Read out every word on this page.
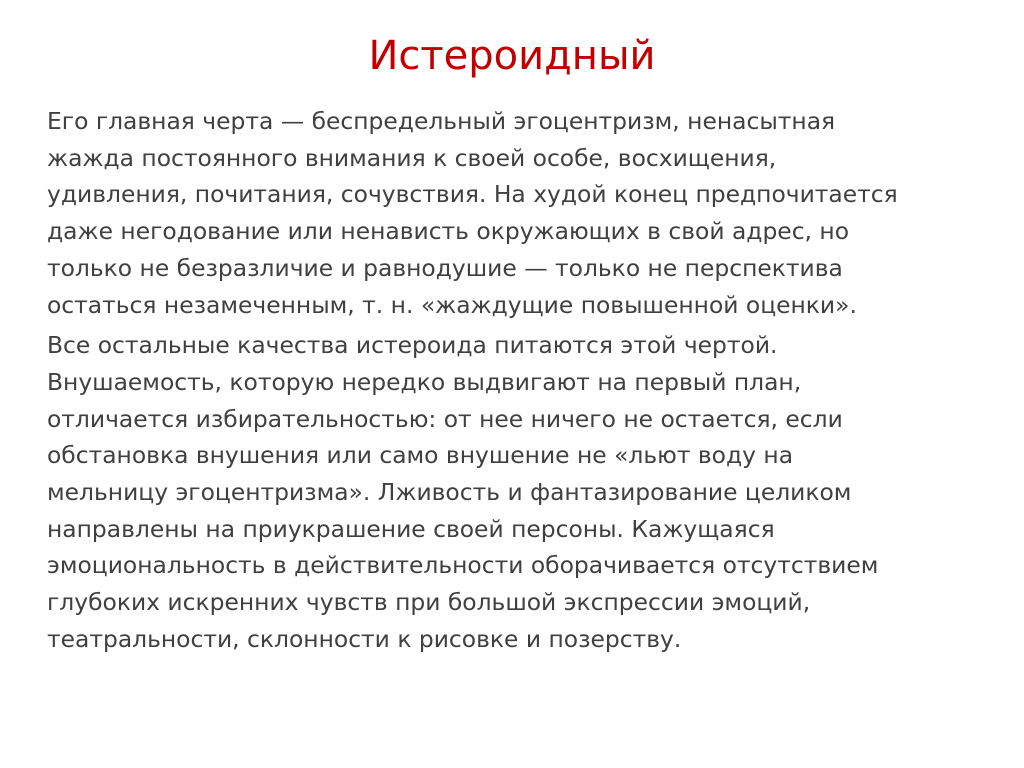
Истероидный
Его главная черта — беспредельный эгоцентризм, ненасытная
жажда постоянного внимания к своей особе, восхищения,
удивления, почитания, сочувствия. На худой конец предпочитается
даже негодование или ненависть окружающих в свой адрес, но
только не безразличие и равнодушие — только не перспектива
остаться незамеченным, т. н. «жаждущие повышенной оценки».
Все остальные качества истероида питаются этой чертой.
Внушаемость, которую нередко выдвигают на первый план,
отличается избирательностью: от нее ничего не остается, если
обстановка внушения или само внушение не «льют воду на
мельницу эгоцентризма». Лживость и фантазирование целиком
направлены на приукрашение своей персоны. Кажущаяся
эмоциональность в действительности оборачивается отсутствием
глубоких искренних чувств при большой экспрессии эмоций,
театральности, склонности к рисовке и позерству.
